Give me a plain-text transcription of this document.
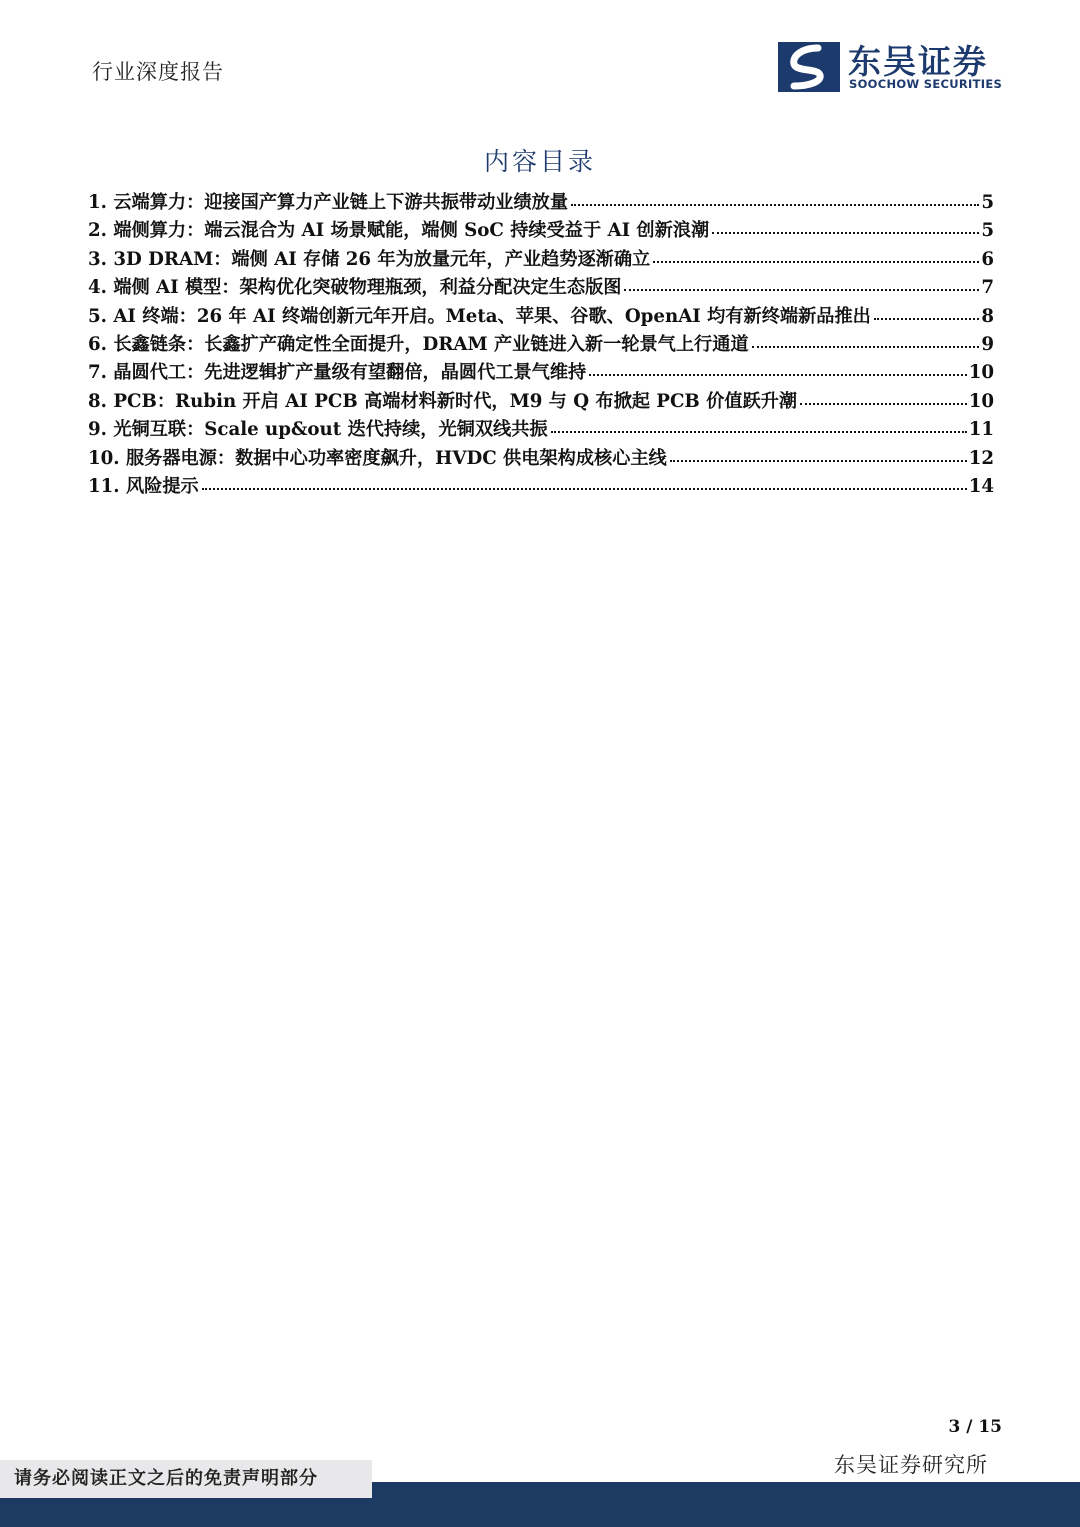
行业深度报告	东吴证券
SOOCHOW SECURITIES
内容目录
1. 云端算力：迎接国产算力产业链上下游共振带动业绩放量	5
2. 端侧算力：端云混合为 AI 场景赋能，端侧 SoC 持续受益于 AI 创新浪潮	5
3. 3D DRAM：端侧 AI 存储 26 年为放量元年，产业趋势逐渐确立	6
4. 端侧 AI 模型：架构优化突破物理瓶颈，利益分配决定生态版图	7
5. AI 终端：26 年 AI 终端创新元年开启。Meta、苹果、谷歌、OpenAI 均有新终端新品推出	8
6. 长鑫链条：长鑫扩产确定性全面提升，DRAM 产业链进入新一轮景气上行通道	9
7. 晶圆代工：先进逻辑扩产量级有望翻倍，晶圆代工景气维持	10
8. PCB：Rubin 开启 AI PCB 高端材料新时代，M9 与 Q 布掀起 PCB 价值跃升潮	10
9. 光铜互联：Scale up&out 迭代持续，光铜双线共振	11
10. 服务器电源：数据中心功率密度飙升，HVDC 供电架构成核心主线	12
11. 风险提示	14
3 / 15
东吴证券研究所
请务必阅读正文之后的免责声明部分
